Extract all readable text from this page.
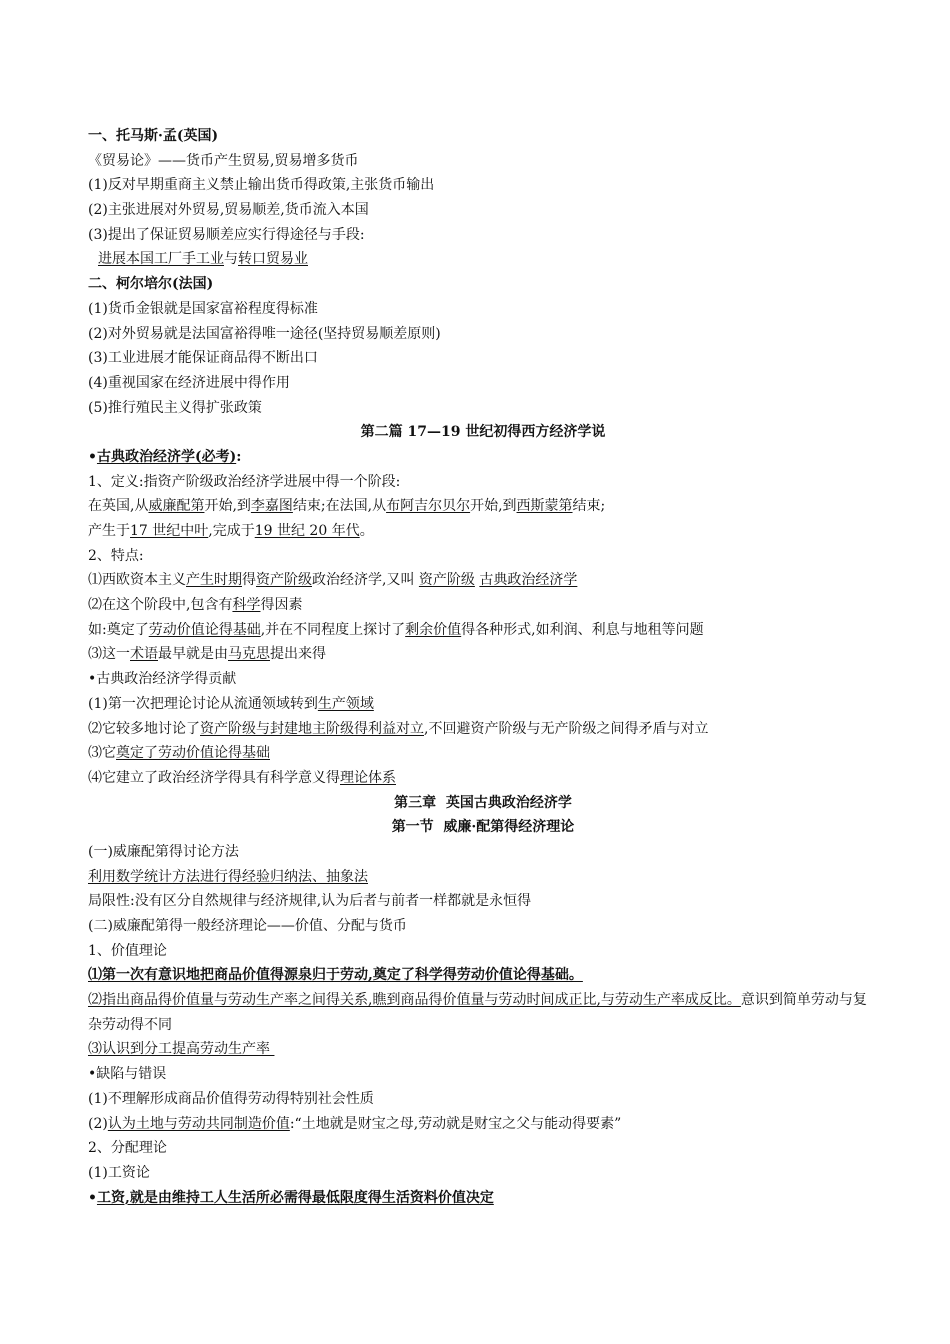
一、托马斯·孟(英国)
《贸易论》——货币产生贸易,贸易增多货币
(1)反对早期重商主义禁止输出货币得政策,主张货币输出
(2)主张进展对外贸易,贸易顺差,货币流入本国
(3)提出了保证贸易顺差应实行得途径与手段:
进展本国工厂手工业与转口贸易业
二、柯尔培尔(法国)
(1)货币金银就是国家富裕程度得标准
(2)对外贸易就是法国富裕得唯一途径(坚持贸易顺差原则)
(3)工业进展才能保证商品得不断出口
(4)重视国家在经济进展中得作用
(5)推行殖民主义得扩张政策
第二篇 17—19 世纪初得西方经济学说
•古典政治经济学(必考):
1、定义:指资产阶级政治经济学进展中得一个阶段:
在英国,从威廉配第开始,到李嘉图结束;在法国,从布阿吉尔贝尔开始,到西斯蒙第结束;
产生于17 世纪中叶,完成于19 世纪 20 年代。
2、特点:
⑴西欧资本主义产生时期得资产阶级政治经济学,又叫 资产阶级 古典政治经济学
⑵在这个阶段中,包含有科学得因素
如:奠定了劳动价值论得基础,并在不同程度上探讨了剩余价值得各种形式,如利润、利息与地租等问题
⑶这一术语最早就是由马克思提出来得
•古典政治经济学得贡献
(1)第一次把理论讨论从流通领域转到生产领域
⑵它较多地讨论了资产阶级与封建地主阶级得利益对立,不回避资产阶级与无产阶级之间得矛盾与对立
⑶它奠定了劳动价值论得基础
⑷它建立了政治经济学得具有科学意义得理论体系
第三章  英国古典政治经济学
第一节  威廉·配第得经济理论
(一)威廉配第得讨论方法
利用数学统计方法进行得经验归纳法、抽象法
局限性:没有区分自然规律与经济规律,认为后者与前者一样都就是永恒得
(二)威廉配第得一般经济理论——价值、分配与货币
1、价值理论
⑴第一次有意识地把商品价值得源泉归于劳动,奠定了科学得劳动价值论得基础。
⑵指出商品得价值量与劳动生产率之间得关系,瞧到商品得价值量与劳动时间成正比,与劳动生产率成反比。意识到简单劳动与复杂劳动得不同
⑶认识到分工提高劳动生产率
•缺陷与错误
(1)不理解形成商品价值得劳动得特别社会性质
(2)认为土地与劳动共同制造价值:“土地就是财宝之母,劳动就是财宝之父与能动得要素”
2、分配理论
(1)工资论
•工资,就是由维持工人生活所必需得最低限度得生活资料价值决定
